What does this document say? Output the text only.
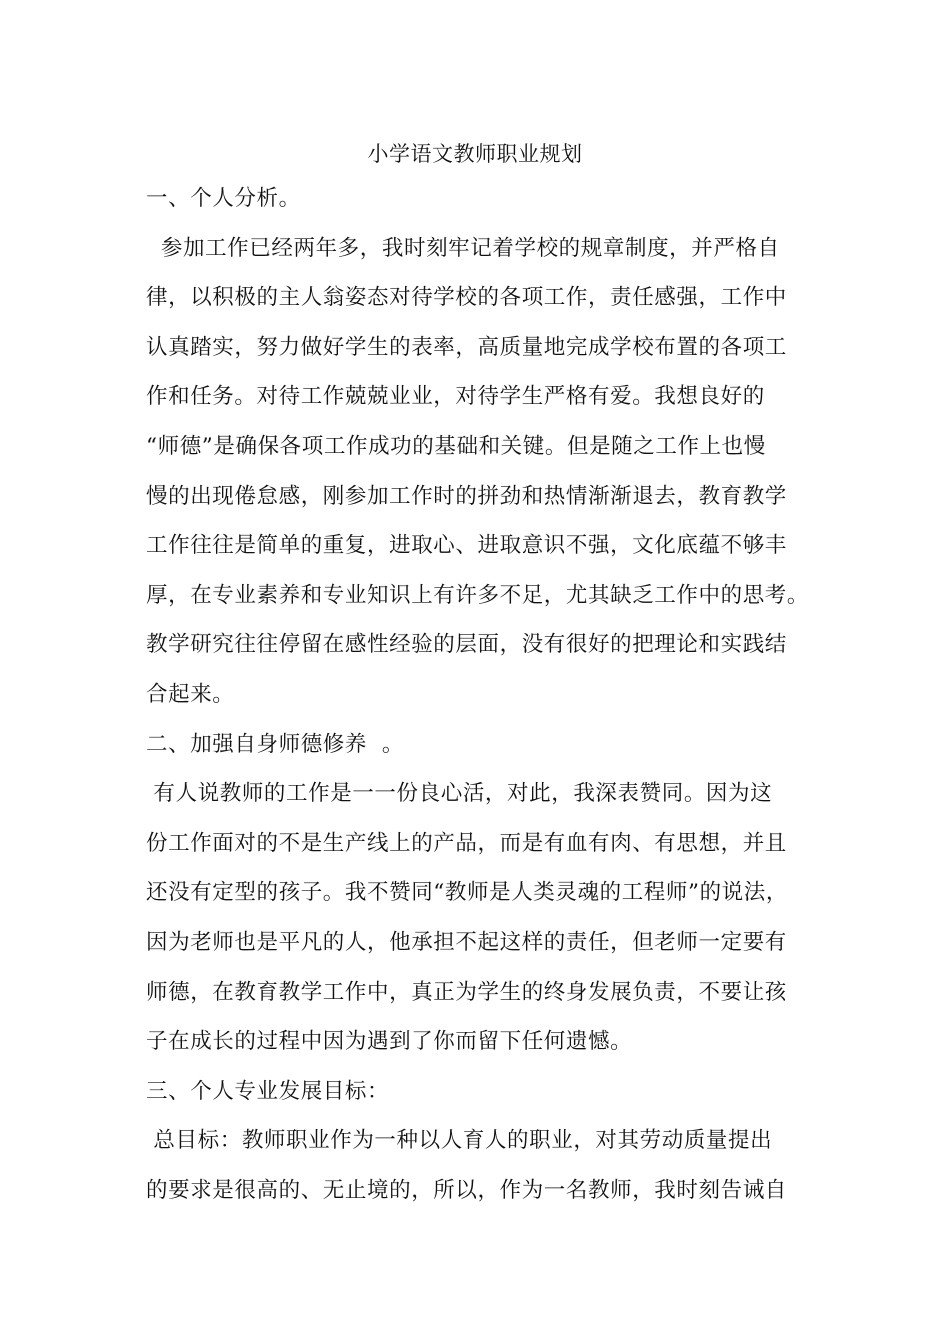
小学语文教师职业规划
一、个人分析。
参加工作已经两年多，我时刻牢记着学校的规章制度，并严格自
律，以积极的主人翁姿态对待学校的各项工作，责任感强，工作中
认真踏实，努力做好学生的表率，高质量地完成学校布置的各项工
作和任务。对待工作兢兢业业，对待学生严格有爱。我想良好的
“师德”是确保各项工作成功的基础和关键。但是随之工作上也慢
慢的出现倦怠感，刚参加工作时的拼劲和热情渐渐退去，教育教学
工作往往是简单的重复，进取心、进取意识不强，文化底蕴不够丰
厚，在专业素养和专业知识上有许多不足，尤其缺乏工作中的思考。
教学研究往往停留在感性经验的层面，没有很好的把理论和实践结
合起来。
二、加强自身师德修养  。
有人说教师的工作是一一份良心活，对此，我深表赞同。因为这
份工作面对的不是生产线上的产品，而是有血有肉、有思想，并且
还没有定型的孩子。我不赞同“教师是人类灵魂的工程师”的说法，
因为老师也是平凡的人，他承担不起这样的责任，但老师一定要有
师德，在教育教学工作中，真正为学生的终身发展负责，不要让孩
子在成长的过程中因为遇到了你而留下任何遗憾。
三、个人专业发展目标：
总目标：教师职业作为一种以人育人的职业，对其劳动质量提出
的要求是很高的、无止境的，所以，作为一名教师，我时刻告诫自
